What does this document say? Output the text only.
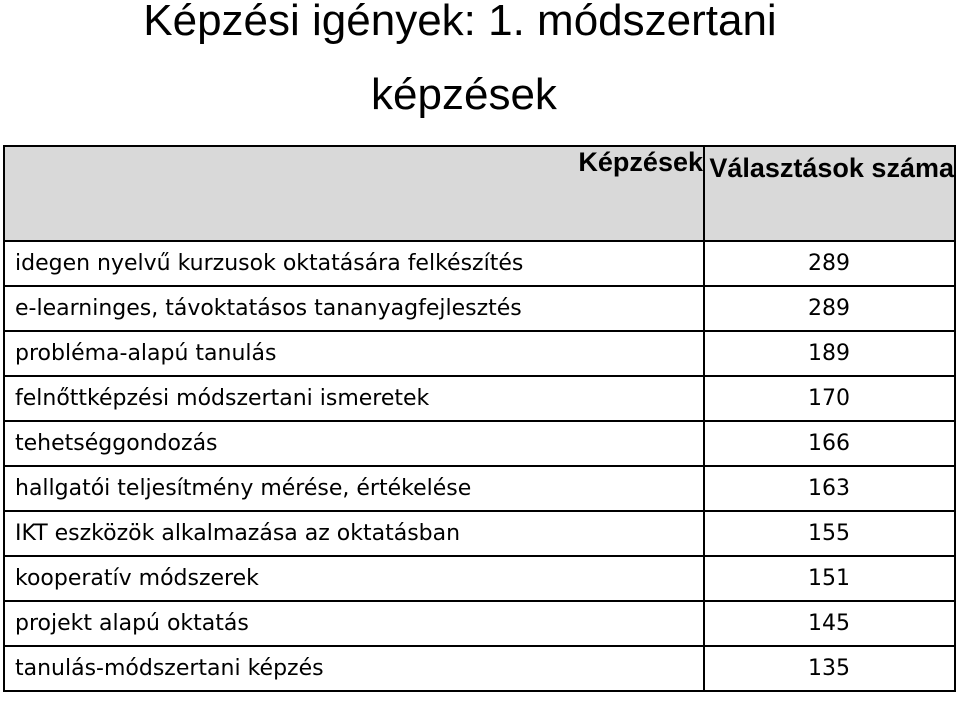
Képzési igények: 1. módszertani
képzések
Képzések	Választások száma
idegen nyelvű kurzusok oktatására felkészítés	289
e-learninges, távoktatásos tananyagfejlesztés	289
probléma-alapú tanulás	189
felnőttképzési módszertani ismeretek	170
tehetséggondozás	166
hallgatói teljesítmény mérése, értékelése	163
IKT eszközök alkalmazása az oktatásban	155
kooperatív módszerek	151
projekt alapú oktatás	145
tanulás-módszertani képzés	135
